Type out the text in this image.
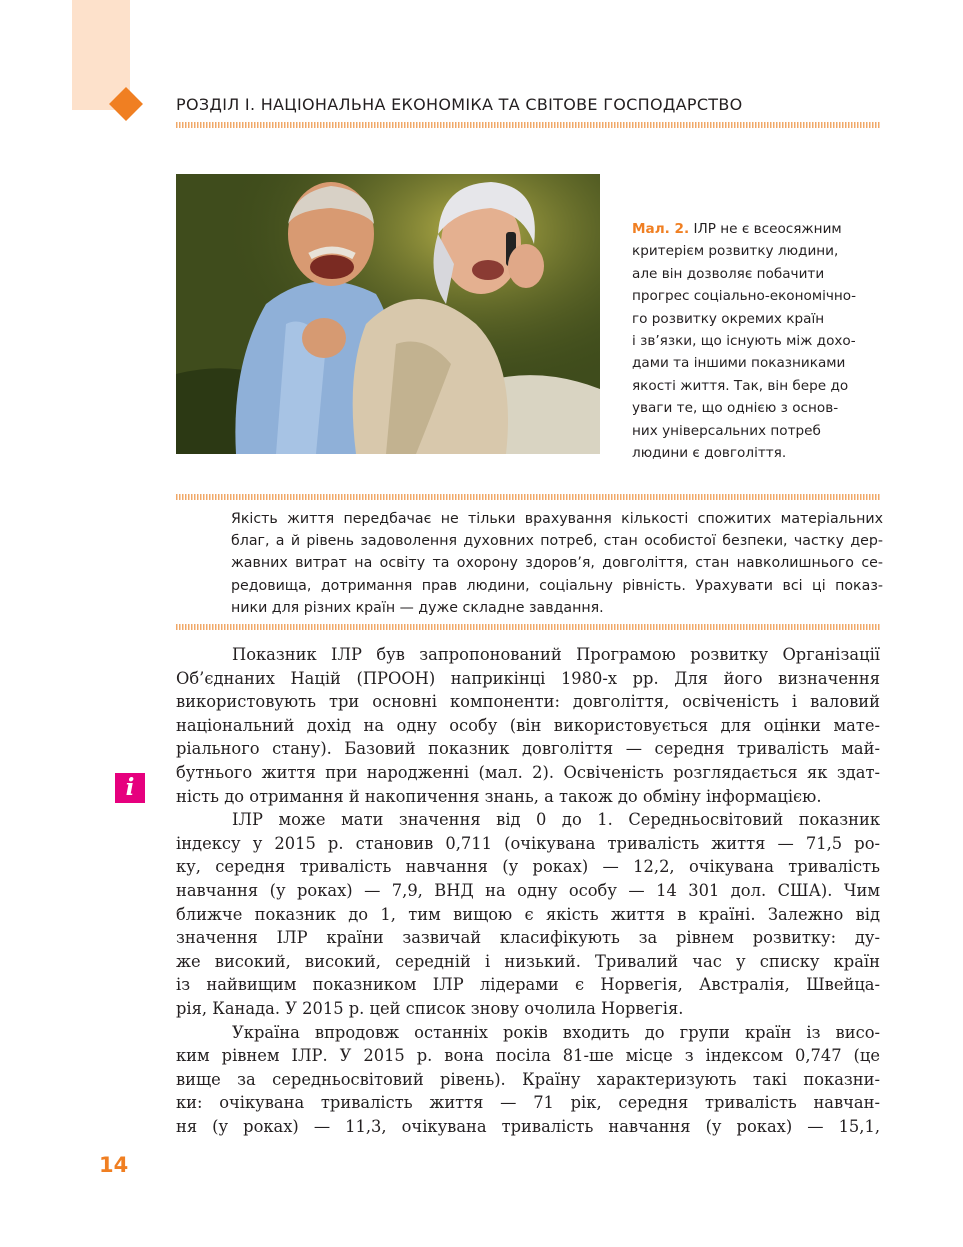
РОЗДІЛ І. НАЦІОНАЛЬНА ЕКОНОМІКА ТА СВІТОВЕ ГОСПОДАРСТВО
Мал. 2. ІЛР не є всеосяжним
критерієм розвитку людини,
але він дозволяє побачити
прогрес соціально-економічно-
го розвитку окремих країн
і зв’язки, що існують між дохо-
дами та іншими показниками
якості життя. Так, він бере до
уваги те, що однією з основ-
них універсальних потреб
людини є довголіття.
Якість життя передбачає не тільки врахування кількості спожитих матеріальних
благ, а й рівень задоволення духовних потреб, стан особистої безпеки, частку дер-
жавних витрат на освіту та охорону здоров’я, довголіття, стан навколишнього се-
редовища, дотримання прав людини, соціальну рівність. Урахувати всі ці показ-
ники для різних країн — дуже складне завдання.
i
Показник ІЛР був запропонований Програмою розвитку Організації
Об’єднаних Націй (ПРООН) наприкінці 1980-х рр. Для його визначення
використовують три основні компоненти: довголіття, освіченість і валовий
національний дохід на одну особу (він використовується для оцінки мате-
ріального стану). Базовий показник довголіття — середня тривалість май-
бутнього життя при народженні (мал. 2). Освіченість розглядається як здат-
ність до отримання й накопичення знань, а також до обміну інформацією.
ІЛР може мати значення від 0 до 1. Середньосвітовий показник
індексу у 2015 р. становив 0,711 (очікувана тривалість життя — 71,5 ро-
ку, середня тривалість навчання (у роках) — 12,2, очікувана тривалість
навчання (у роках) — 7,9, ВНД на одну особу — 14 301 дол. США). Чим
ближче показник до 1, тим вищою є якість життя в країні. Залежно від
значення ІЛР країни зазвичай класифікують за рівнем розвитку: ду-
же високий, високий, середній і низький. Тривалий час у списку країн
із найвищим показником ІЛР лідерами є Норвегія, Австралія, Швейца-
рія, Канада. У 2015 р. цей список знову очолила Норвегія.
Україна впродовж останніх років входить до групи країн із висо-
ким рівнем ІЛР. У 2015 р. вона посіла 81-ше місце з індексом 0,747 (це
вище за середньосвітовий рівень). Країну характеризують такі показни-
ки: очікувана тривалість життя — 71 рік, середня тривалість навчан-
ня (у роках) — 11,3, очікувана тривалість навчання (у роках) — 15,1,
14
